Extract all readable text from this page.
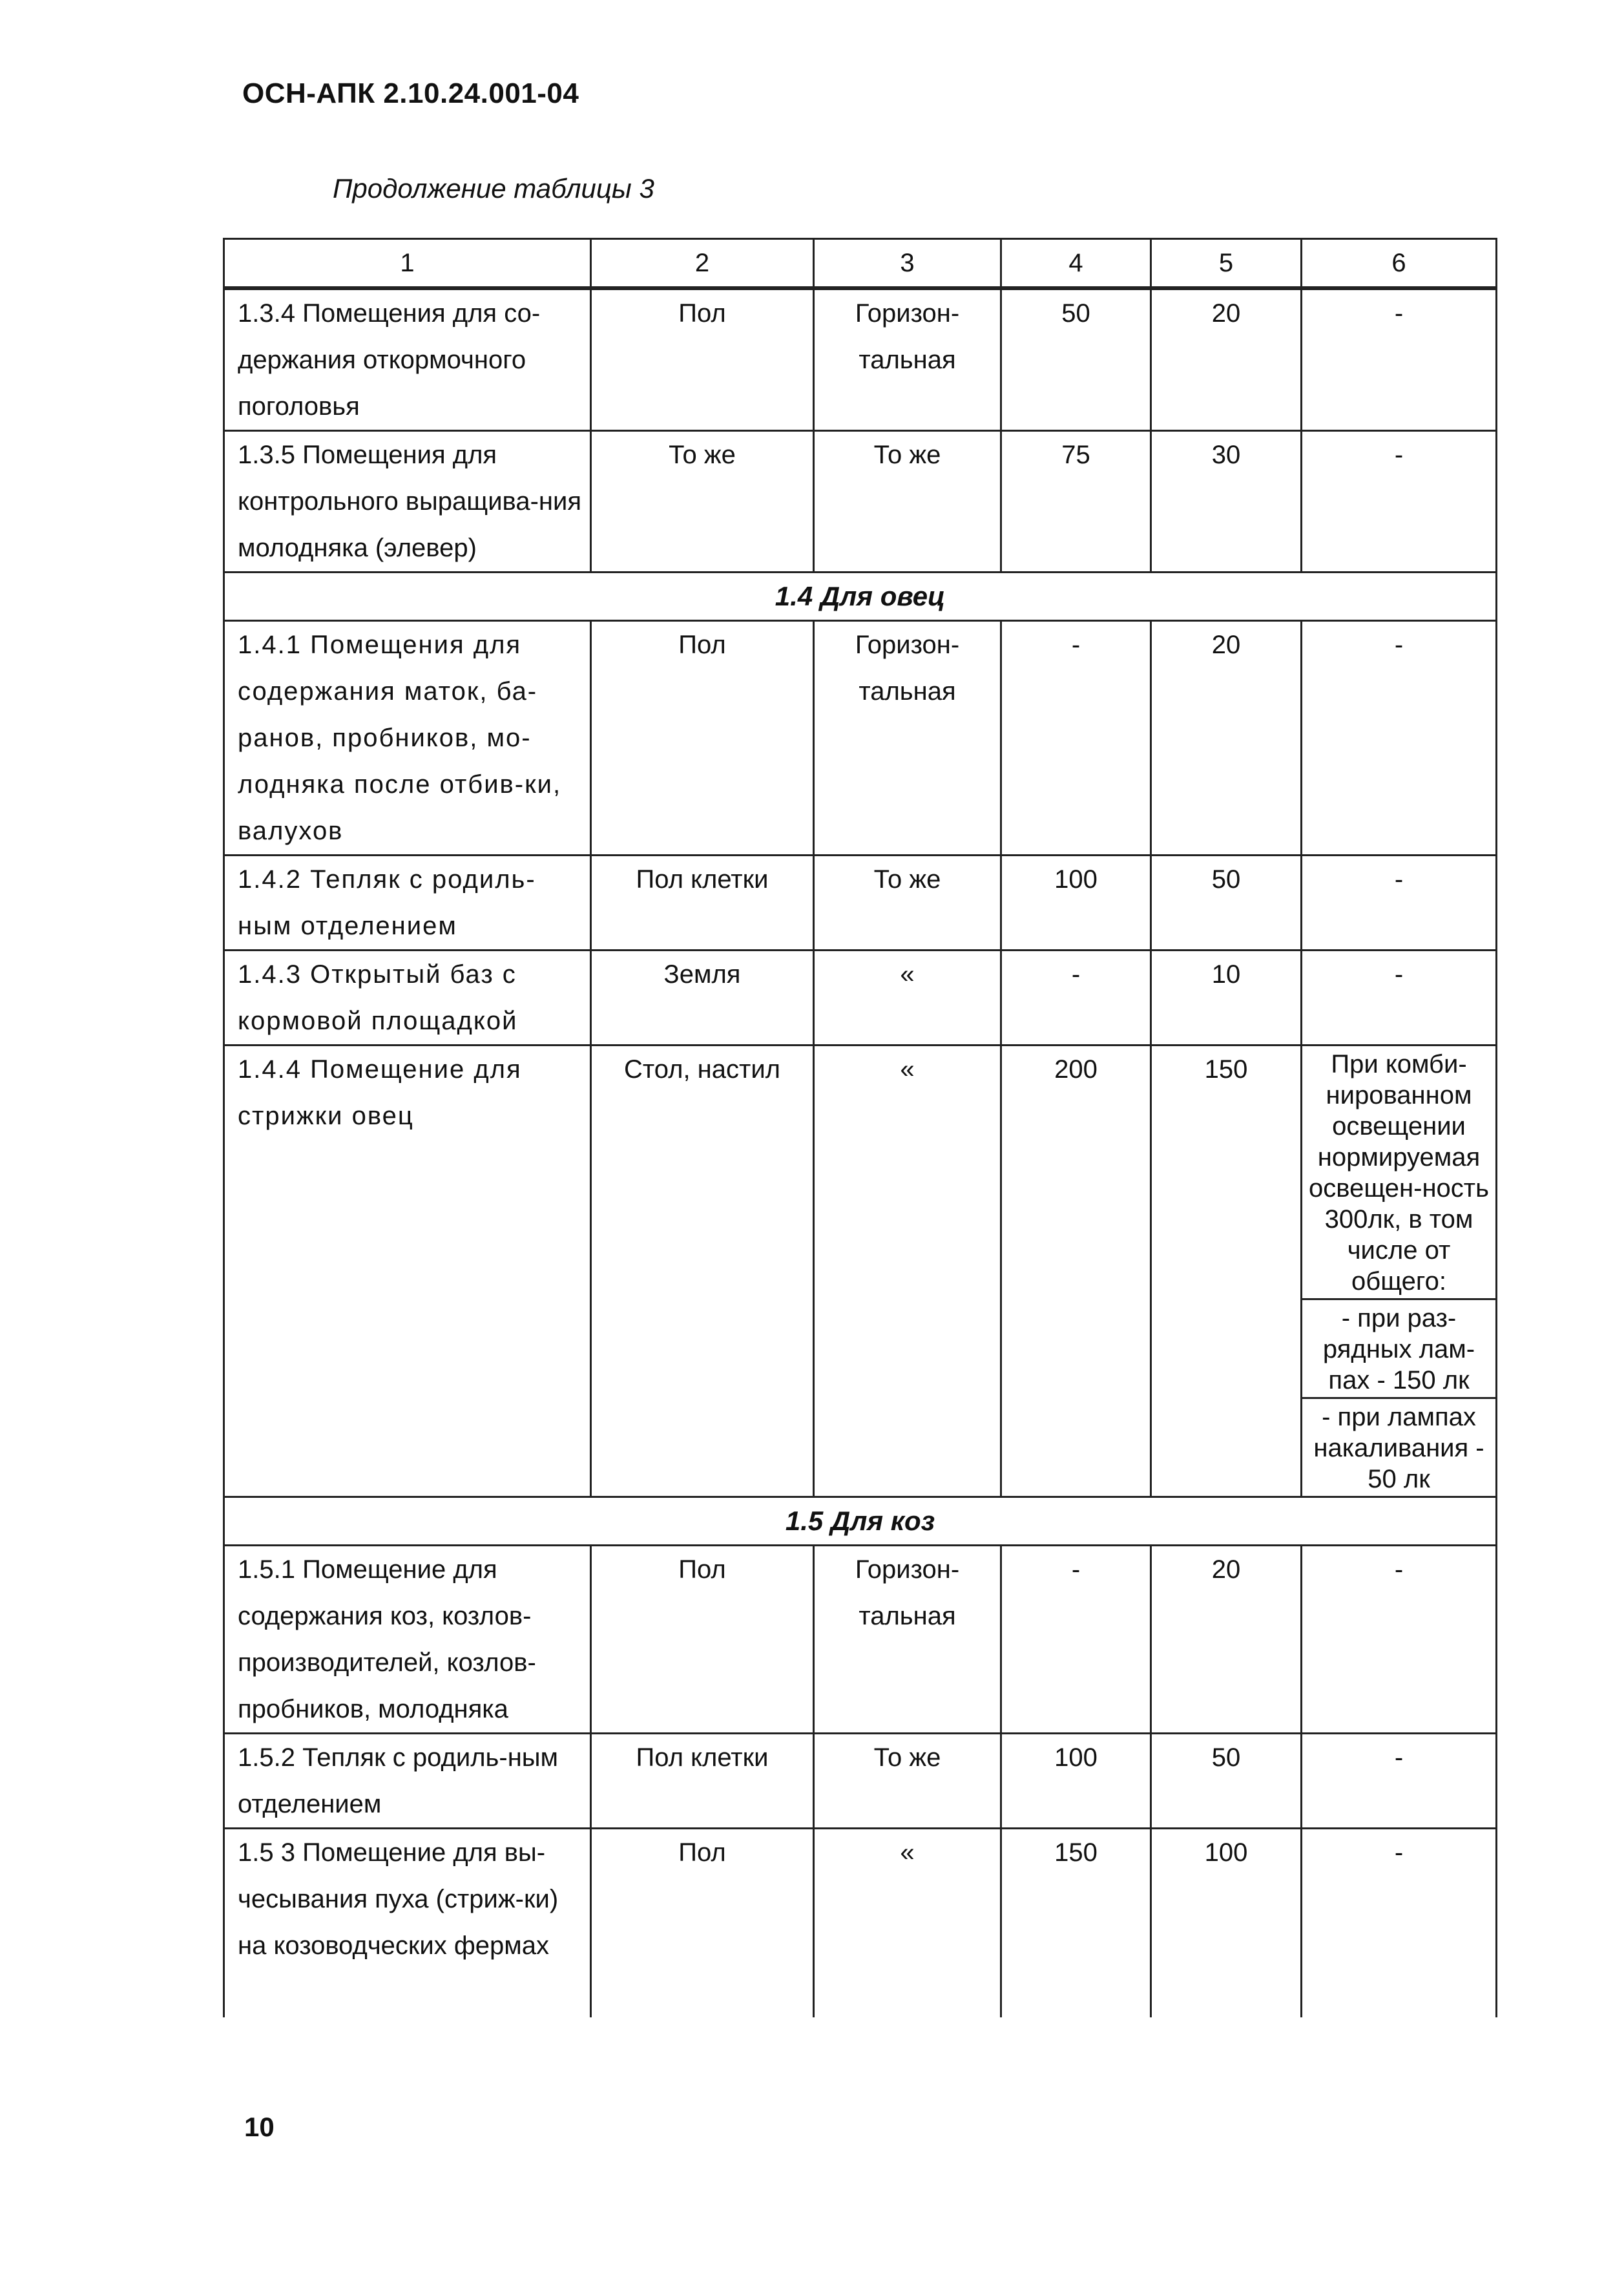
ОСН-АПК 2.10.24.001-04
Продолжение таблицы 3
1	2	3	4	5	6
1.3.4 Помещения для со-держания откормочного поголовья	Пол	Горизон-тальная	50	20	-
1.3.5 Помещения для контрольного выращива-ния молодняка (элевер)	То же	То же	75	30	-
1.4 Для овец					
1.4.1 Помещения для содержания маток, ба-ранов, пробников, мо-лодняка после отбив-ки, валухов	Пол	Горизон-тальная	-	20	-
1.4.2 Тепляк с родиль-ным отделением	Пол клетки	То же	100	50	-
1.4.3 Открытый баз с кормовой площадкой	Земля	«	-	10	-
1.4.4 Помещение для стрижки овец	Стол, настил	«	200	150	При комби-нированном освещении нормируемая освещен-ность 300лк, в том числе от общего:
- при раз-рядных лам-пах - 150 лк
- при лампах накаливания - 50 лк

1.5 Для коз					
1.5.1 Помещение для содержания коз, козлов-производителей, козлов-пробников, молодняка	Пол	Горизон-тальная	-	20	-
1.5.2 Тепляк с родиль-ным отделением	Пол клетки	То же	100	50	-
1.5 3 Помещение для вы-чесывания пуха (стриж-ки) на козоводческих фермах	Пол	«	150	100	-
10
